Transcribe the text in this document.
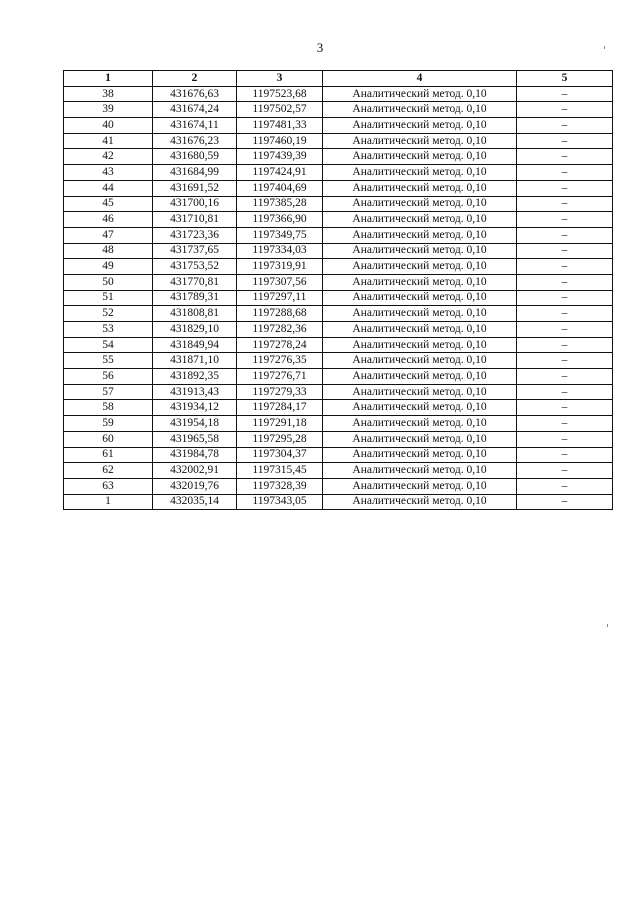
3
1	2	3	4	5
38	431676,63	1197523,68	Аналитический метод. 0,10	–
39	431674,24	1197502,57	Аналитический метод. 0,10	–
40	431674,11	1197481,33	Аналитический метод. 0,10	–
41	431676,23	1197460,19	Аналитический метод. 0,10	–
42	431680,59	1197439,39	Аналитический метод. 0,10	–
43	431684,99	1197424,91	Аналитический метод. 0,10	–
44	431691,52	1197404,69	Аналитический метод. 0,10	–
45	431700,16	1197385,28	Аналитический метод. 0,10	–
46	431710,81	1197366,90	Аналитический метод. 0,10	–
47	431723,36	1197349,75	Аналитический метод. 0,10	–
48	431737,65	1197334,03	Аналитический метод. 0,10	–
49	431753,52	1197319,91	Аналитический метод. 0,10	–
50	431770,81	1197307,56	Аналитический метод. 0,10	–
51	431789,31	1197297,11	Аналитический метод. 0,10	–
52	431808,81	1197288,68	Аналитический метод. 0,10	–
53	431829,10	1197282,36	Аналитический метод. 0,10	–
54	431849,94	1197278,24	Аналитический метод. 0,10	–
55	431871,10	1197276,35	Аналитический метод. 0,10	–
56	431892,35	1197276,71	Аналитический метод. 0,10	–
57	431913,43	1197279,33	Аналитический метод. 0,10	–
58	431934,12	1197284,17	Аналитический метод. 0,10	–
59	431954,18	1197291,18	Аналитический метод. 0,10	–
60	431965,58	1197295,28	Аналитический метод. 0,10	–
61	431984,78	1197304,37	Аналитический метод. 0,10	–
62	432002,91	1197315,45	Аналитический метод. 0,10	–
63	432019,76	1197328,39	Аналитический метод. 0,10	–
1	432035,14	1197343,05	Аналитический метод. 0,10	–
